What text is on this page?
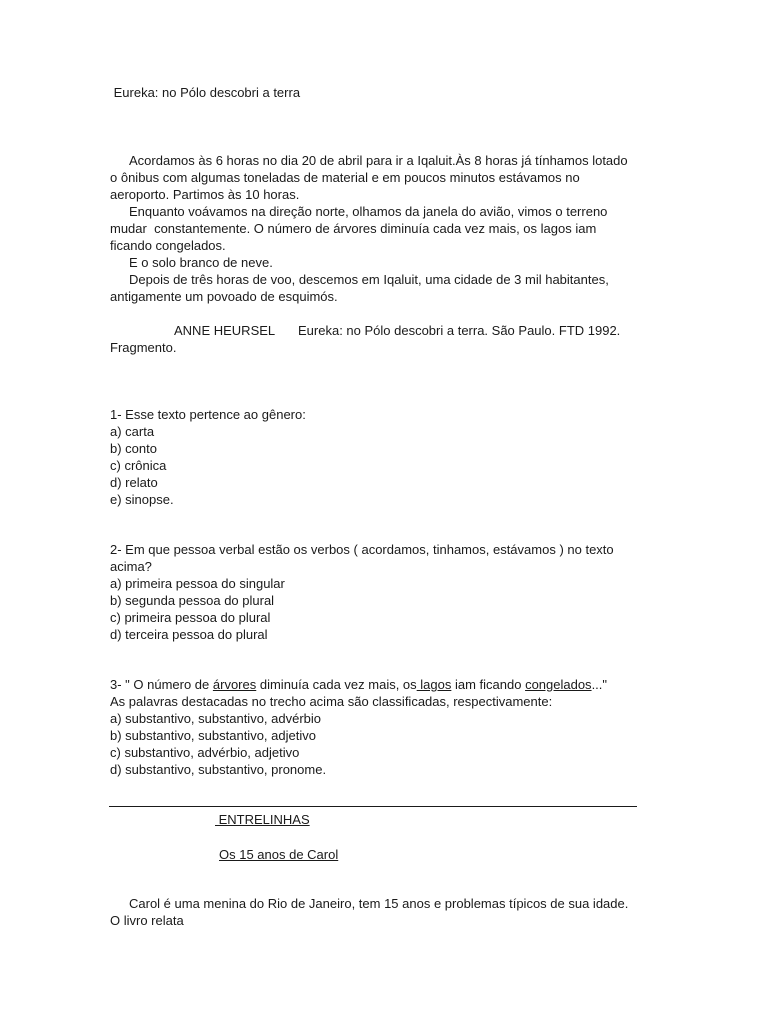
Eureka: no Pólo descobri a terra
Acordamos às 6 horas no dia 20 de abril para ir a Iqaluit.Às 8 horas já tínhamos lotado
o ônibus com algumas toneladas de material e em poucos minutos estávamos no
aeroporto. Partimos às 10 horas.
Enquanto voávamos na direção norte, olhamos da janela do avião, vimos o terreno
mudar  constantemente. O número de árvores diminuía cada vez mais, os lagos iam
ficando congelados.
E o solo branco de neve.
Depois de três horas de voo, descemos em Iqaluit, uma cidade de 3 mil habitantes,
antigamente um povoado de esquimós.
ANNE HEURSEL Eureka: no Pólo descobri a terra. São Paulo. FTD 1992.
Fragmento.
1- Esse texto pertence ao gênero:
a) carta
b) conto
c) crônica
d) relato
e) sinopse.
2- Em que pessoa verbal estão os verbos ( acordamos, tinhamos, estávamos ) no texto
acima?
a) primeira pessoa do singular
b) segunda pessoa do plural
c) primeira pessoa do plural
d) terceira pessoa do plural
3- " O número de árvores diminuía cada vez mais, os lagos iam ficando congelados..."
As palavras destacadas no trecho acima são classificadas, respectivamente:
a) substantivo, substantivo, advérbio
b) substantivo, substantivo, adjetivo
c) substantivo, advérbio, adjetivo
d) substantivo, substantivo, pronome.
ENTRELINHAS
Os 15 anos de Carol
Carol é uma menina do Rio de Janeiro, tem 15 anos e problemas típicos de sua idade.
O livro relata
